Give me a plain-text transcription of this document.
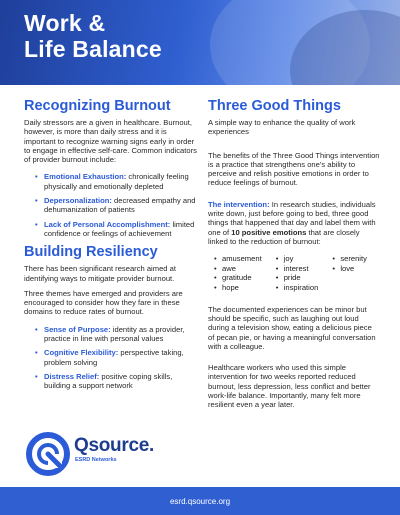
Work &
Life Balance
Recognizing Burnout

Daily stressors are a given in healthcare. Burnout, however, is more than daily stress and it is important to recognize warning signs early in order to engage in effective self-care. Common indicators of provider burnout include:

• Emotional Exhaustion: chronically feeling physically and emotionally depleted
• Depersonalization: decreased empathy and dehumanization of patients
• Lack of Personal Accomplishment: limited confidence or feelings of achievement
Building Resiliency

There has been significant research aimed at identifying ways to mitigate provider burnout.

Three themes have emerged and providers are encouraged to consider how they fare in these domains to reduce rates of burnout.

• Sense of Purpose: identity as a provider, practice in line with personal values
• Cognitive Flexibility: perspective taking, problem solving
• Distress Relief: positive coping skills, building a support network
Three Good Things

A simple way to enhance the quality of work experiences

The benefits of the Three Good Things intervention is a practice that strengthens one's ability to perceive and relish positive emotions in order to reduce feelings of burnout.

The intervention: In research studies, individuals write down, just before going to bed, three good things that happened that day and label them with one of 10 positive emotions that are closely linked to the reduction of burnout:

• amusement
• awe
• gratitude
• hope
• joy
• interest
• pride
• inspiration
• serenity
• love

The documented experiences can be minor but should be specific, such as laughing out loud during a television show, eating a delicious piece of pecan pie, or having a meaningful conversation with a colleague.

Healthcare workers who used this simple intervention for two weeks reported reduced burnout, less depression, less conflict and better work-life balance. Importantly, many felt more resilient even a year later.

Qsource.
ESRD Networks
esrd.qsource.org
